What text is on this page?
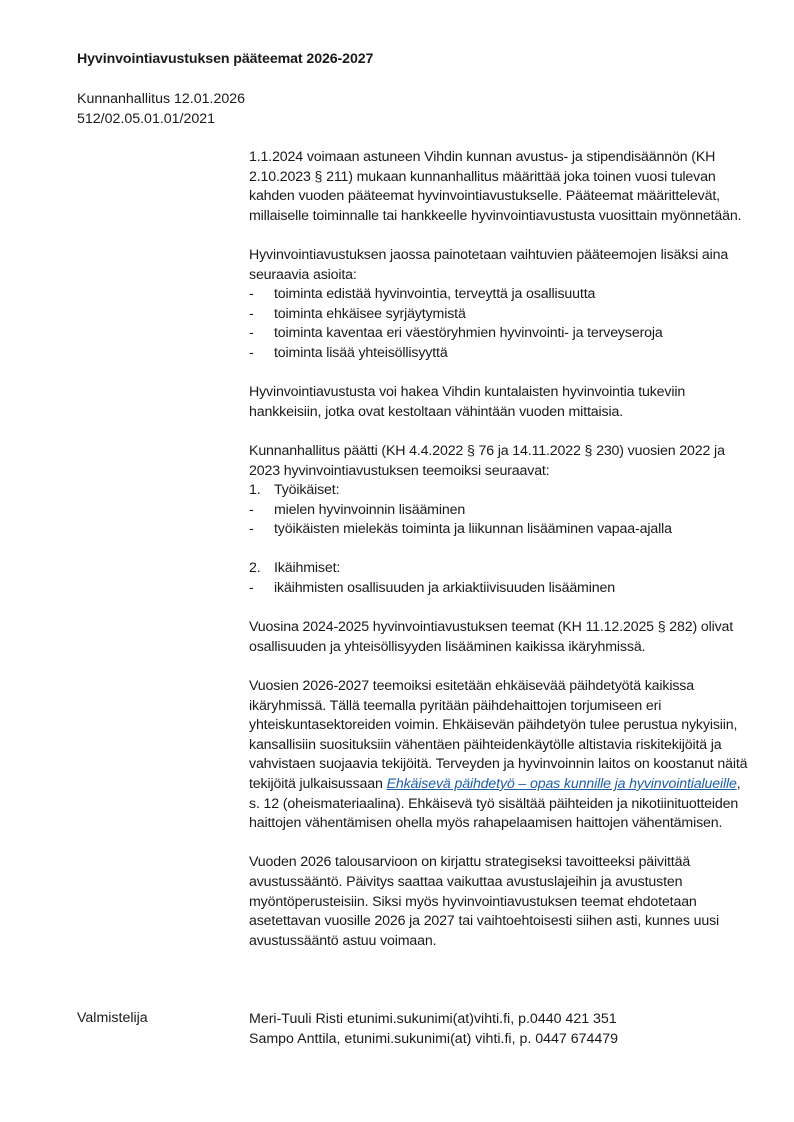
Hyvinvointiavustuksen pääteemat 2026-2027
Kunnanhallitus 12.01.2026
512/02.05.01.01/2021

1.1.2024 voimaan astuneen Vihdin kunnan avustus- ja stipendisäännön (KH 2.10.2023 § 211) mukaan kunnanhallitus määrittää joka toinen vuosi tulevan kahden vuoden pääteemat hyvinvointiavustukselle. Pääteemat määrittelevät, millaiselle toiminnalle tai hankkeelle hyvinvointiavustusta vuosittain myönnetään.

Hyvinvointiavustuksen jaossa painotetaan vaihtuvien pääteemojen lisäksi aina seuraavia asioita:
- toiminta edistää hyvinvointia, terveyttä ja osallisuutta
- toiminta ehkäisee syrjäytymistä
- toiminta kaventaa eri väestöryhmien hyvinvointi- ja terveyseroja
- toiminta lisää yhteisöllisyyttä

Hyvinvointiavustusta voi hakea Vihdin kuntalaisten hyvinvointia tukeviin hankkeisiin, jotka ovat kestoltaan vähintään vuoden mittaisia.

Kunnanhallitus päätti (KH 4.4.2022 § 76 ja 14.11.2022 § 230) vuosien 2022 ja 2023 hyvinvointiavustuksen teemoiksi seuraavat:
1. Työikäiset:
- mielen hyvinvoinnin lisääminen
- työikäisten mielekäs toiminta ja liikunnan lisääminen vapaa-ajalla
2. Ikäihmiset:
- ikäihmisten osallisuuden ja arkiaktiivisuuden lisääminen

Vuosina 2024-2025 hyvinvointiavustuksen teemat (KH 11.12.2025 § 282) olivat osallisuuden ja yhteisöllisyyden lisääminen kaikissa ikäryhmissä.

Vuosien 2026-2027 teemoiksi esitetään ehkäisevää päihdetyötä kaikissa ikäryhmissä. Tällä teemalla pyritään päihdehaittojen torjumiseen eri yhteiskuntasektoreiden voimin. Ehkäisevän päihdetyön tulee perustua nykyisiin, kansallisiin suosituksiin vähentäen päihteidenkäytölle altistavia riskitekijöitä ja vahvistaen suojaavia tekijöitä. Terveyden ja hyvinvoinnin laitos on koostanut näitä tekijöitä julkaisussaan Ehkäisevä päihdetyö – opas kunnille ja hyvinvointialueille, s. 12 (oheismateriaalina). Ehkäisevä työ sisältää päihteiden ja nikotiinituotteiden haittojen vähentämisen ohella myös rahapelaamisen haittojen vähentämisen.

Vuoden 2026 talousarvioon on kirjattu strategiseksi tavoitteeksi päivittää avustussääntö. Päivitys saattaa vaikuttaa avustuslajeihin ja avustusten myöntöperusteisiin. Siksi myös hyvinvointiavustuksen teemat ehdotetaan asetettavan vuosille 2026 ja 2027 tai vaihtoehtoisesti siihen asti, kunnes uusi avustussääntö astuu voimaan.

Valmistelija	Meri-Tuuli Risti etunimi.sukunimi(at)vihti.fi, p.0440 421 351
Sampo Anttila, etunimi.sukunimi(at) vihti.fi, p. 0447 674479
